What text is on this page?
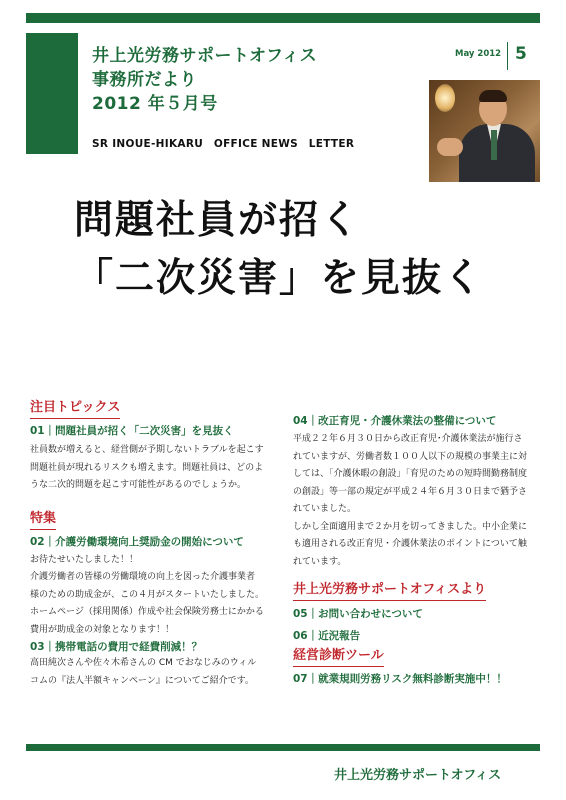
井上光労務サポートオフィス
事務所だより
2012 年５月号
SR INOUE-HIKARU　OFFICE NEWS　LETTER
May 2012 5
問題社員が招く
「二次災害」を見抜く
注目トピックス
01｜問題社員が招く「二次災害」を見抜く

社員数が増えると、経営側が予期しないトラブルを起こす

問題社員が現れるリスクも増えます。問題社員は、どのよ

うな二次的問題を起こす可能性があるのでしょうか。

特集
02｜介護労働環境向上奨励金の開始について

お待たせいたしました！！

介護労働者の皆様の労働環境の向上を図った介護事業者

様のための助成金が、この４月がスタートいたしました。

ホームページ（採用関係）作成や社会保険労務士にかかる

費用が助成金の対象となります！！

03｜携帯電話の費用で経費削減！？

高田純次さんや佐々木希さんの CM でおなじみのウィル

コムの『法人半額キャンペーン』についてご紹介です。

04｜改正育児・介護休業法の整備について

平成２２年６月３０日から改正育児･介護休業法が施行さ

れていますが、労働者数１００人以下の規模の事業主に対

しては、「介護休暇の創設」「育児のための短時間勤務制度

の創設」等一部の規定が平成２４年６月３０日まで猶予さ

れていました。

しかし全面適用まで２か月を切ってきました。中小企業に

も適用される改正育児・介護休業法のポイントについて触

れています。

井上光労務サポートオフィスより
05｜お問い合わせについて
06｜近況報告
経営診断ツール
07｜就業規則労務リスク無料診断実施中！！
井上光労務サポートオフィス
